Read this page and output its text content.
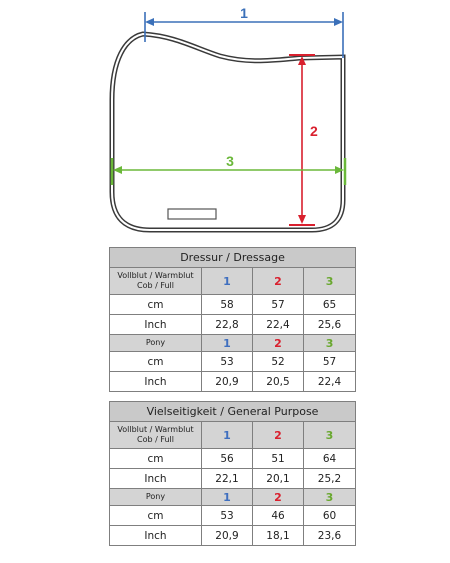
1
2
3
Dressur / Dressage			
Vollblut / Warmblut Cob / Full	1	2	3
cm	58	57	65
Inch	22,8	22,4	25,6
Pony	1	2	3
cm	53	52	57
Inch	20,9	20,5	22,4
Vielseitigkeit / General Purpose			
Vollblut / Warmblut Cob / Full	1	2	3
cm	56	51	64
Inch	22,1	20,1	25,2
Pony	1	2	3
cm	53	46	60
Inch	20,9	18,1	23,6
